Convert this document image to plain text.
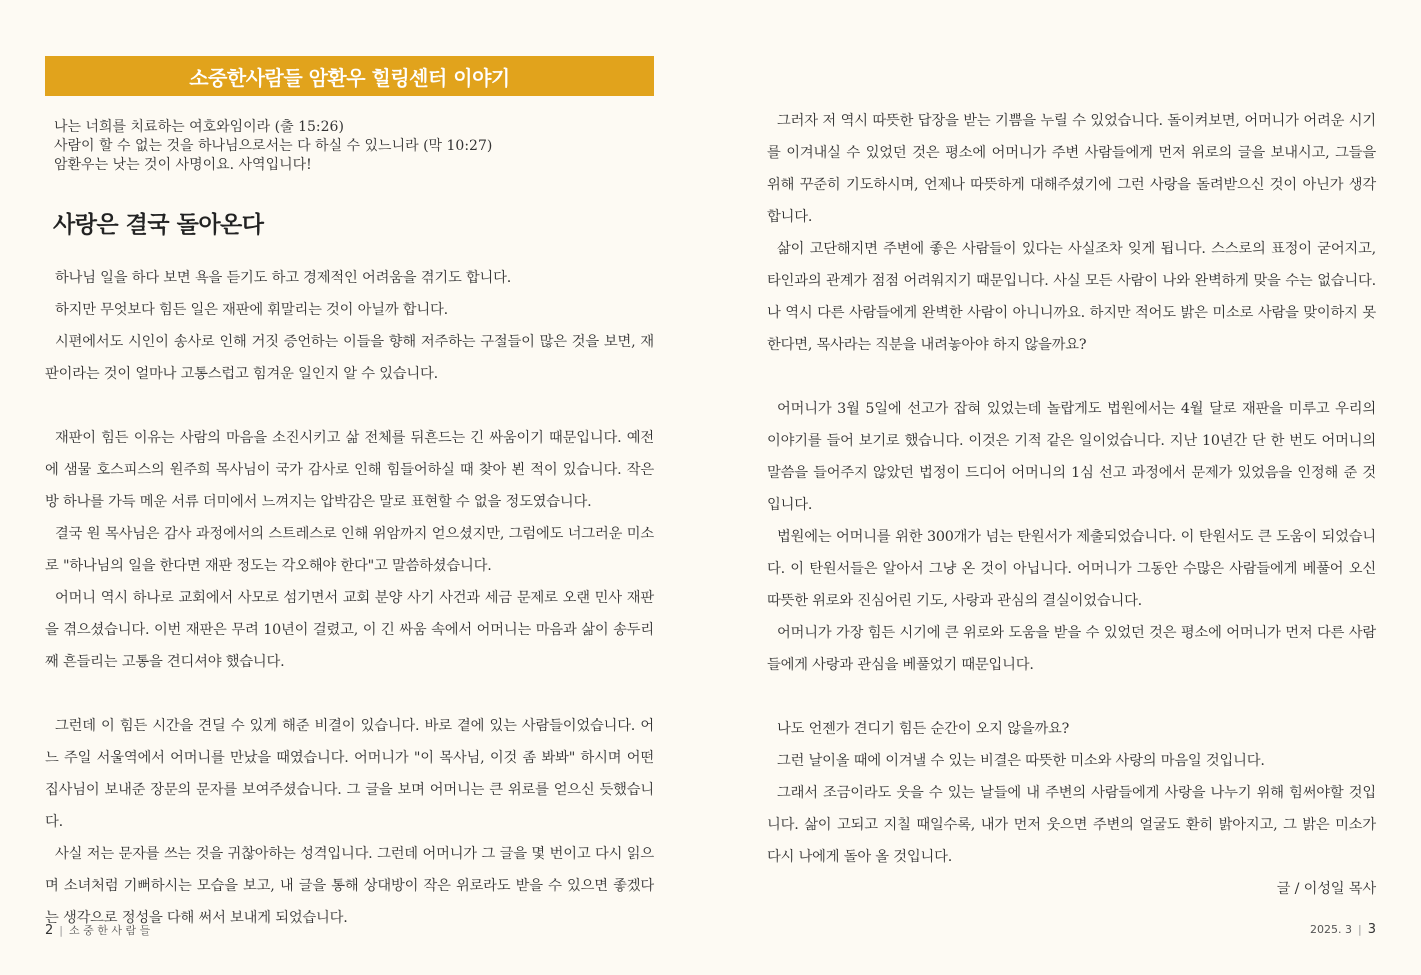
소중한사람들 암환우 힐링센터 이야기
나는 너희를 치료하는 여호와임이라 (출 15:26)
사람이 할 수 없는 것을 하나님으로서는 다 하실 수 있느니라 (막 10:27)
암환우는 낫는 것이 사명이요. 사역입니다!
사랑은 결국 돌아온다

하나님 일을 하다 보면 욕을 듣기도 하고 경제적인 어려움을 겪기도 합니다.

하지만 무엇보다 힘든 일은 재판에 휘말리는 것이 아닐까 합니다.

시편에서도 시인이 송사로 인해 거짓 증언하는 이들을 향해 저주하는 구절들이 많은 것을 보면, 재판이라는 것이 얼마나 고통스럽고 힘겨운 일인지 알 수 있습니다.

재판이 힘든 이유는 사람의 마음을 소진시키고 삶 전체를 뒤흔드는 긴 싸움이기 때문입니다. 예전에 샘물 호스피스의 원주희 목사님이 국가 감사로 인해 힘들어하실 때 찾아 뵌 적이 있습니다. 작은 방 하나를 가득 메운 서류 더미에서 느껴지는 압박감은 말로 표현할 수 없을 정도였습니다.

결국 원 목사님은 감사 과정에서의 스트레스로 인해 위암까지 얻으셨지만, 그럼에도 너그러운 미소로 "하나님의 일을 한다면 재판 정도는 각오해야 한다"고 말씀하셨습니다.

어머니 역시 하나로 교회에서 사모로 섬기면서 교회 분양 사기 사건과 세금 문제로 오랜 민사 재판을 겪으셨습니다. 이번 재판은 무려 10년이 걸렸고, 이 긴 싸움 속에서 어머니는 마음과 삶이 송두리째 흔들리는 고통을 견디셔야 했습니다.

그런데 이 힘든 시간을 견딜 수 있게 해준 비결이 있습니다. 바로 곁에 있는 사람들이었습니다. 어느 주일 서울역에서 어머니를 만났을 때였습니다. 어머니가 "이 목사님, 이것 좀 봐봐" 하시며 어떤 집사님이 보내준 장문의 문자를 보여주셨습니다. 그 글을 보며 어머니는 큰 위로를 얻으신 듯했습니다.

사실 저는 문자를 쓰는 것을 귀찮아하는 성격입니다. 그런데 어머니가 그 글을 몇 번이고 다시 읽으며 소녀처럼 기뻐하시는 모습을 보고, 내 글을 통해 상대방이 작은 위로라도 받을 수 있으면 좋겠다는 생각으로 정성을 다해 써서 보내게 되었습니다.

그러자 저 역시 따뜻한 답장을 받는 기쁨을 누릴 수 있었습니다. 돌이켜보면, 어머니가 어려운 시기를 이겨내실 수 있었던 것은 평소에 어머니가 주변 사람들에게 먼저 위로의 글을 보내시고, 그들을 위해 꾸준히 기도하시며, 언제나 따뜻하게 대해주셨기에 그런 사랑을 돌려받으신 것이 아닌가 생각합니다.

삶이 고단해지면 주변에 좋은 사람들이 있다는 사실조차 잊게 됩니다. 스스로의 표정이 굳어지고, 타인과의 관계가 점점 어려워지기 때문입니다. 사실 모든 사람이 나와 완벽하게 맞을 수는 없습니다. 나 역시 다른 사람들에게 완벽한 사람이 아니니까요. 하지만 적어도 밝은 미소로 사람을 맞이하지 못한다면, 목사라는 직분을 내려놓아야 하지 않을까요?

어머니가 3월 5일에 선고가 잡혀 있었는데 놀랍게도 법원에서는 4월 달로 재판을 미루고 우리의 이야기를 들어 보기로 했습니다. 이것은 기적 같은 일이었습니다. 지난 10년간 단 한 번도 어머니의 말씀을 들어주지 않았던 법정이 드디어 어머니의 1심 선고 과정에서 문제가 있었음을 인정해 준 것입니다.

법원에는 어머니를 위한 300개가 넘는 탄원서가 제출되었습니다. 이 탄원서도 큰 도움이 되었습니다. 이 탄원서들은 알아서 그냥 온 것이 아닙니다. 어머니가 그동안 수많은 사람들에게 베풀어 오신 따뜻한 위로와 진심어린 기도, 사랑과 관심의 결실이었습니다.

어머니가 가장 힘든 시기에 큰 위로와 도움을 받을 수 있었던 것은 평소에 어머니가 먼저 다른 사람들에게 사랑과 관심을 베풀었기 때문입니다.

나도 언젠가 견디기 힘든 순간이 오지 않을까요?

그런 날이올 때에 이겨낼 수 있는 비결은 따뜻한 미소와 사랑의 마음일 것입니다.

그래서 조금이라도 웃을 수 있는 날들에 내 주변의 사람들에게 사랑을 나누기 위해 힘써야할 것입니다. 삶이 고되고 지칠 때일수록, 내가 먼저 웃으면 주변의 얼굴도 환히 밝아지고, 그 밝은 미소가 다시 나에게 돌아 올 것입니다.

글 / 이성일 목사

2 | 소 중 한 사 람 들	2025. 3 | 3
